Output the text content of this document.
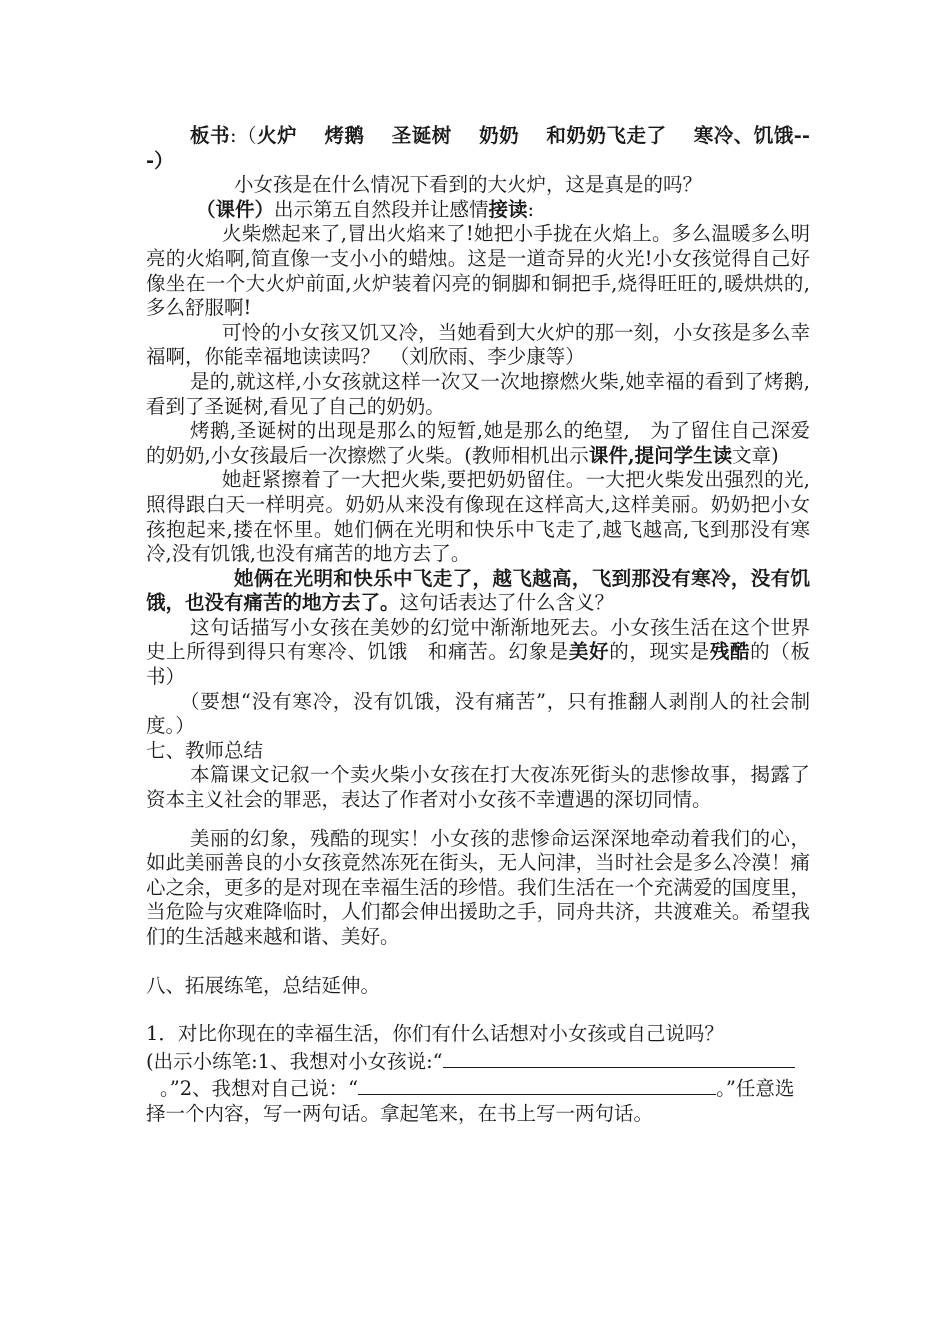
板书:（火炉　 烤鹅　 圣诞树　 奶奶　 和奶奶飞走了　 寒冷、饥饿---）

小女孩是在什么情况下看到的大火炉，这是真是的吗？

（课件）出示第五自然段并让感情接读:

火柴燃起来了,冒出火焰来了!她把小手拢在火焰上。多么温暖多么明亮的火焰啊,简直像一支小小的蜡烛。这是一道奇异的火光!小女孩觉得自己好像坐在一个大火炉前面,火炉装着闪亮的铜脚和铜把手,烧得旺旺的,暖烘烘的,多么舒服啊!

可怜的小女孩又饥又冷，当她看到大火炉的那一刻，小女孩是多么幸福啊，你能幸福地读读吗？　（刘欣雨、李少康等）

是的,就这样,小女孩就这样一次又一次地擦燃火柴,她幸福的看到了烤鹅,看到了圣诞树,看见了自己的奶奶。

烤鹅,圣诞树的出现是那么的短暂,她是那么的绝望,　为了留住自己深爱的奶奶,小女孩最后一次擦燃了火柴。(教师相机出示课件,提问学生读文章)

她赶紧擦着了一大把火柴,要把奶奶留住。一大把火柴发出强烈的光,照得跟白天一样明亮。奶奶从来没有像现在这样高大,这样美丽。奶奶把小女孩抱起来,搂在怀里。她们俩在光明和快乐中飞走了,越飞越高,飞到那没有寒冷,没有饥饿,也没有痛苦的地方去了。

她俩在光明和快乐中飞走了，越飞越高，飞到那没有寒冷，没有饥饿，也没有痛苦的地方去了。这句话表达了什么含义？

这句话描写小女孩在美妙的幻觉中渐渐地死去。小女孩生活在这个世界史上所得到得只有寒冷、饥饿　和痛苦。幻象是美好的，现实是残酷的（板书）

（要想“没有寒冷，没有饥饿，没有痛苦”，只有推翻人剥削人的社会制度。）

七、教师总结

本篇课文记叙一个卖火柴小女孩在打大夜冻死街头的悲惨故事，揭露了资本主义社会的罪恶，表达了作者对小女孩不幸遭遇的深切同情。

美丽的幻象，残酷的现实！小女孩的悲惨命运深深地牵动着我们的心，如此美丽善良的小女孩竟然冻死在街头，无人问津，当时社会是多么冷漠！痛心之余，更多的是对现在幸福生活的珍惜。我们生活在一个充满爱的国度里，当危险与灾难降临时，人们都会伸出援助之手，同舟共济，共渡难关。希望我们的生活越来越和谐、美好。

八、拓展练笔，总结延伸。

1．对比你现在的幸福生活，你们有什么话想对小女孩或自己说吗？

(出示小练笔:1、我想对小女孩说:“。”2、我想对自己说：“	。”任意选择一个内容，写一两句话。拿起笔来，在书上写一两句话。
